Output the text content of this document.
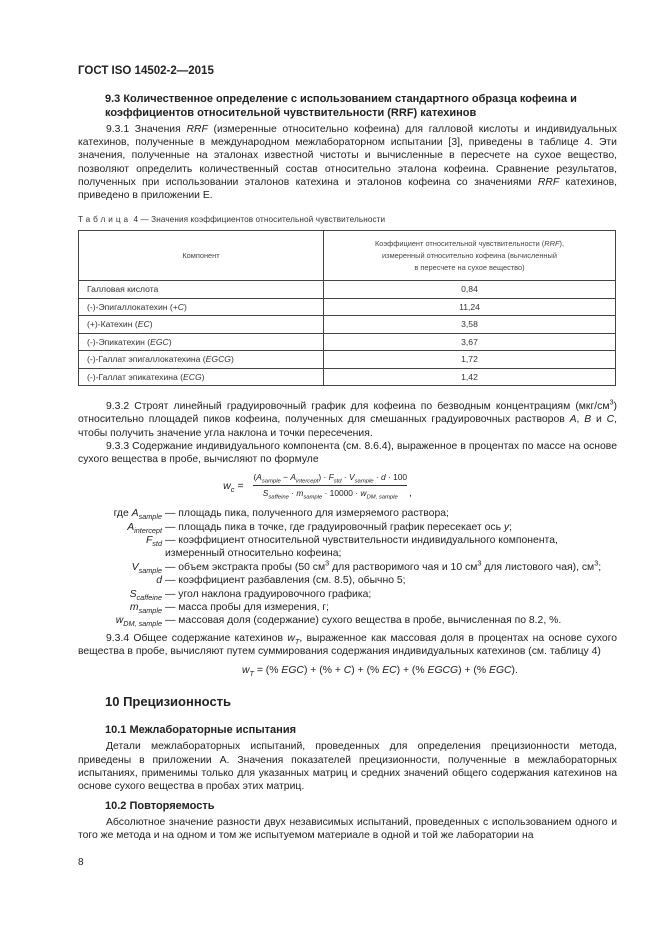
ГОСТ ISO 14502-2—2015
9.3 Количественное определение с использованием стандартного образца кофеина и коэффициентов относительной чувствительности (RRF) катехинов
9.3.1 Значения RRF (измеренные относительно кофеина) для галловой кислоты и индивидуальных катехинов, полученные в международном межлабораторном испытании [3], приведены в таблице 4. Эти значения, полученные на эталонах известной чистоты и вычисленные в пересчете на сухое вещество, позволяют определить количественный состав относительно эталона кофеина. Сравнение результатов, полученных при использовании эталонов катехина и эталонов кофеина со значениями RRF катехинов, приведено в приложении Е.
Таблица 4 — Значения коэффициентов относительной чувствительности
Компонент	Коэффициент относительной чувствительности (RRF),
измеренный относительно кофеина (вычисленный
в пересчете на сухое вещество)
Галловая кислота	0,84
(-)-Эпигаллокатехин (+C)	11,24
(+)-Катехин (EC)	3,58
(-)-Эпикатехин (EGC)	3,67
(-)-Галлат эпигаллокатехина (EGCG)	1,72
(-)-Галлат эпикатехина (ECG)	1,42
9.3.2 Строят линейный градуировочный график для кофеина по безводным концентрациям $(мкг/см^3)$ относительно площадей пиков кофеина, полученных для смешанных градуировочных растворов A, B и C, чтобы получить значение угла наклона и точки пересечения.
9.3.3 Содержание индивидуального компонента (см. 8.6.4), выраженное в процентах по массе на основе сухого вещества в пробе, вычисляют по формуле
$w_c = \frac{(A_{sample} - A_{intercept}) \cdot F_{std} \cdot V_{sample} \cdot d \cdot 100}{S_{saffeine} \cdot m_{sample} \cdot 10000 \cdot w_{DM, sample}}$ ,
где $A_{sample}$ — площадь пика, полученного для измеряемого раствора;
$A_{intercept}$ — площадь пика в точке, где градуировочный график пересекает ось y;
$F_{std}$ — коэффициент относительной чувствительности индивидуального компонента, измеренный относительно кофеина;
$V_{sample}$ — объем экстракта пробы (50 $см^3$ для растворимого чая и 10 $см^3$ для листового чая), $см^3$;
d — коэффициент разбавления (см. 8.5), обычно 5;
$S_{caffeine}$ — угол наклона градуировочного графика;
$m_{sample}$ — масса пробы для измерения, г;
$w_{DM, sample}$ — массовая доля (содержание) сухого вещества в пробе, вычисленная по 8.2, %.
9.3.4 Общее содержание катехинов $w_T$, выраженное как массовая доля в процентах на основе сухого вещества в пробе, вычисляют путем суммирования содержания индивидуальных катехинов (см. таблицу 4)
$w_T$ = (% EGC) + (% + C) + (% EC) + (% EGCG) + (% EGC).
10 Прецизионность
10.1 Межлабораторные испытания
Детали межлабораторных испытаний, проведенных для определения прецизионности метода, приведены в приложении А. Значения показателей прецизионности, полученные в межлабораторных испытаниях, применимы только для указанных матриц и средних значений общего содержания катехинов на основе сухого вещества в пробах этих матриц.
10.2 Повторяемость
Абсолютное значение разности двух независимых испытаний, проведенных с использованием одного и того же метода и на одном и том же испытуемом материале в одной и той же лаборатории на
8
